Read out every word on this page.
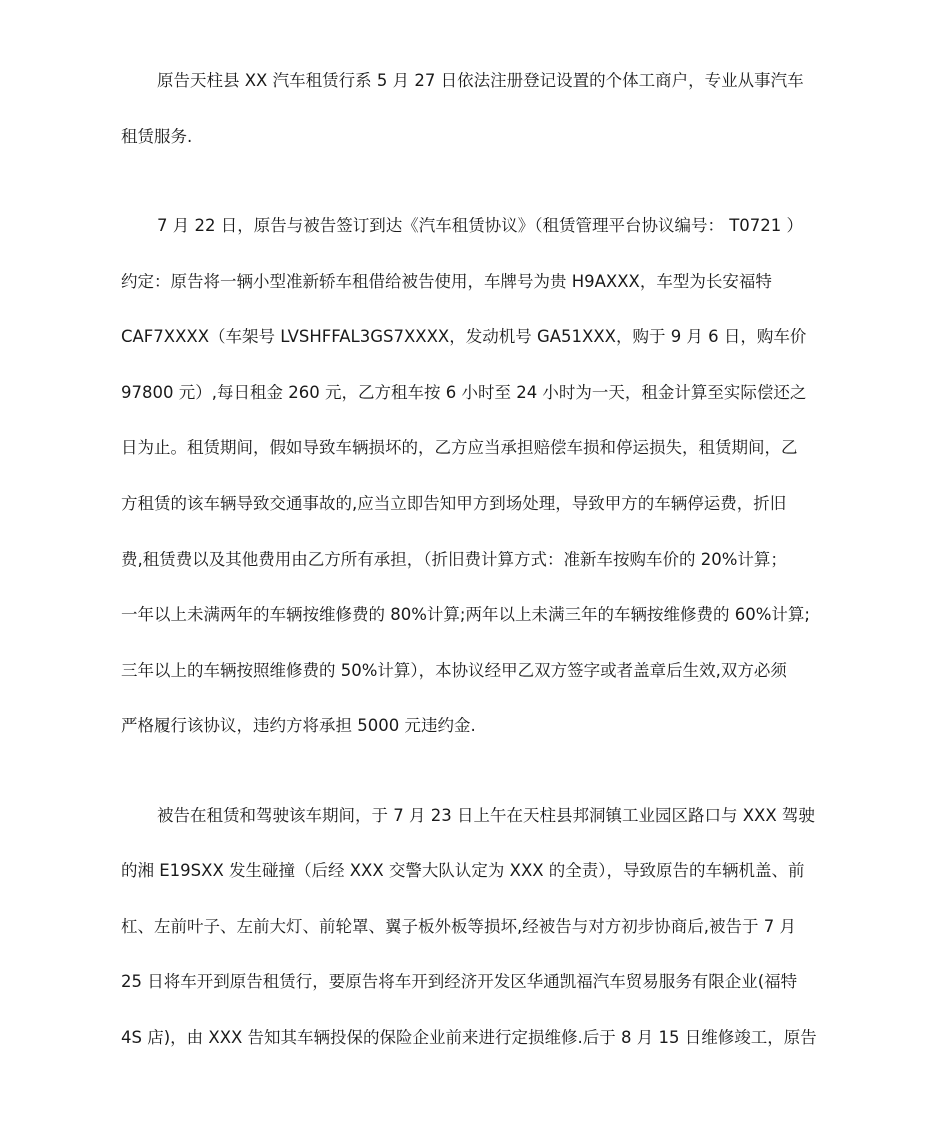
原告天柱县 XX 汽车租赁行系 5 月 27 日依法注册登记设置的个体工商户，专业从事汽车
租赁服务.
7 月 22 日，原告与被告签订到达《汽车租赁协议》（租赁管理平台协议编号： T0721 ）
约定：原告将一辆小型准新轿车租借给被告使用，车牌号为贵 H9AXXX，车型为长安福特
CAF7XXXX（车架号 LVSHFFAL3GS7XXXX，发动机号 GA51XXX，购于 9 月 6 日，购车价
97800 元）,每日租金 260 元，乙方租车按 6 小时至 24 小时为一天，租金计算至实际偿还之
日为止。租赁期间，假如导致车辆损坏的，乙方应当承担赔偿车损和停运损失，租赁期间，乙
方租赁的该车辆导致交通事故的,应当立即告知甲方到场处理，导致甲方的车辆停运费，折旧
费,租赁费以及其他费用由乙方所有承担，（折旧费计算方式：准新车按购车价的 20%计算；
一年以上未满两年的车辆按维修费的 80%计算;两年以上未满三年的车辆按维修费的 60%计算;
三年以上的车辆按照维修费的 50%计算），本协议经甲乙双方签字或者盖章后生效,双方必须
严格履行该协议，违约方将承担 5000 元违约金.
被告在租赁和驾驶该车期间，于 7 月 23 日上午在天柱县邦洞镇工业园区路口与 XXX 驾驶
的湘 E19SXX 发生碰撞（后经 XXX 交警大队认定为 XXX 的全责），导致原告的车辆机盖、前
杠、左前叶子、左前大灯、前轮罩、翼子板外板等损坏,经被告与对方初步协商后,被告于 7 月
25 日将车开到原告租赁行，要原告将车开到经济开发区华通凯福汽车贸易服务有限企业(福特
4S 店)，由 XXX 告知其车辆投保的保险企业前来进行定损维修.后于 8 月 15 日维修竣工，原告
